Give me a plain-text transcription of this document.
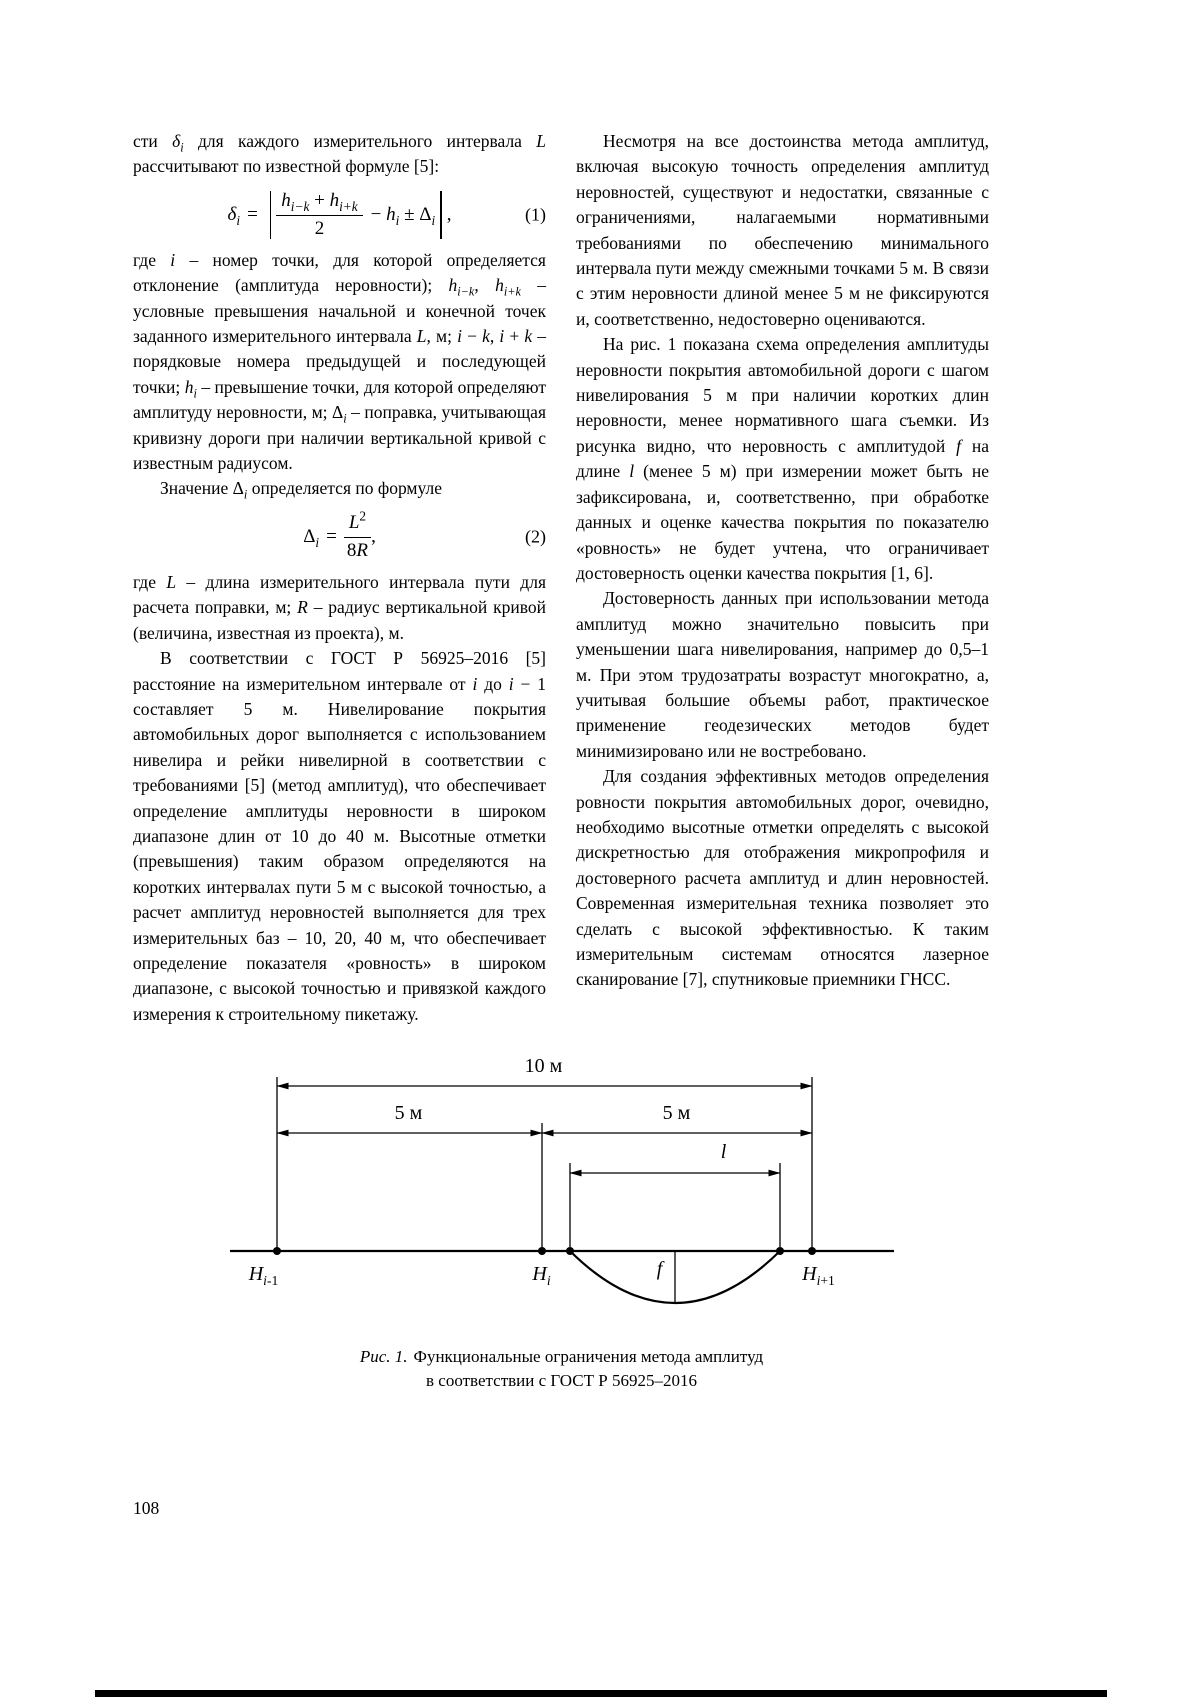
сти $\delta_i$ для каждого измерительного интервала L рассчитывают по известной формуле [5]:

$\delta_i = \frac{h_{i-k} + h_{i+k}}{2} - h_i \pm \Delta_i$ ,	(1)

где i – номер точки, для которой определяется отклонение (амплитуда неровности); $h_{i-k}$, $h_{i+k}$ – условные превышения начальной и конечной точек заданного измерительного интервала L, м; i − k, i + k – порядковые номера предыдущей и последующей точки; $h_i$ – превышение точки, для которой определяют амплитуду неровности, м; $\Delta_i$ – поправка, учитывающая кривизну дороги при наличии вертикальной кривой с известным радиусом.

Значение $\Delta_i$ определяется по формуле

$\Delta_i = \frac{L^2}{8R}$ ,	(2)

где L – длина измерительного интервала пути для расчета поправки, м; R – радиус вертикальной кривой (величина, известная из проекта), м.

В соответствии с ГОСТ Р 56925–2016 [5] расстояние на измерительном интервале от i до i − 1 составляет 5 м. Нивелирование покрытия автомобильных дорог выполняется с использованием нивелира и рейки нивелирной в соответствии с требованиями [5] (метод амплитуд), что обеспечивает определение амплитуды неровности в широком диапазоне длин от 10 до 40 м. Высотные отметки (превышения) таким образом определяются на коротких интервалах пути 5 м с высокой точностью, а расчет амплитуд неровностей выполняется для трех измерительных баз – 10, 20, 40 м, что обеспечивает определение показателя «ровность» в широком диапазоне, с высокой точностью и привязкой каждого измерения к строительному пикетажу.

Несмотря на все достоинства метода амплитуд, включая высокую точность определения амплитуд неровностей, существуют и недостатки, связанные с ограничениями, налагаемыми нормативными требованиями по обеспечению минимального интервала пути между смежными точками 5 м. В связи с этим неровности длиной менее 5 м не фиксируются и, соответственно, недостоверно оцениваются.

На рис. 1 показана схема определения амплитуды неровности покрытия автомобильной дороги с шагом нивелирования 5 м при наличии коротких длин неровности, менее нормативного шага съемки. Из рисунка видно, что неровность с амплитудой f на длине l (менее 5 м) при измерении может быть не зафиксирована, и, соответственно, при обработке данных и оценке качества покрытия по показателю «ровность» не будет учтена, что ограничивает достоверность оценки качества покрытия [1, 6].

Достоверность данных при использовании метода амплитуд можно значительно повысить при уменьшении шага нивелирования, например до 0,5–1 м. При этом трудозатраты возрастут многократно, а, учитывая большие объемы работ, практическое применение геодезических методов будет минимизировано или не востребовано.

Для создания эффективных методов определения ровности покрытия автомобильных дорог, очевидно, необходимо высотные отметки определять с высокой дискретностью для отображения микропрофиля и достоверного расчета амплитуд и длин неровностей. Современная измерительная техника позволяет это сделать с высокой эффективностью. К таким измерительным системам относятся лазерное сканирование [7], спутниковые приемники ГНСС.

10 м
5 м	5 м
l
f
$H_{i-1}$	$H_i$	$H_{i+1}$
Рис. 1. Функциональные ограничения метода амплитуд
в соответствии с ГОСТ Р 56925–2016
108
